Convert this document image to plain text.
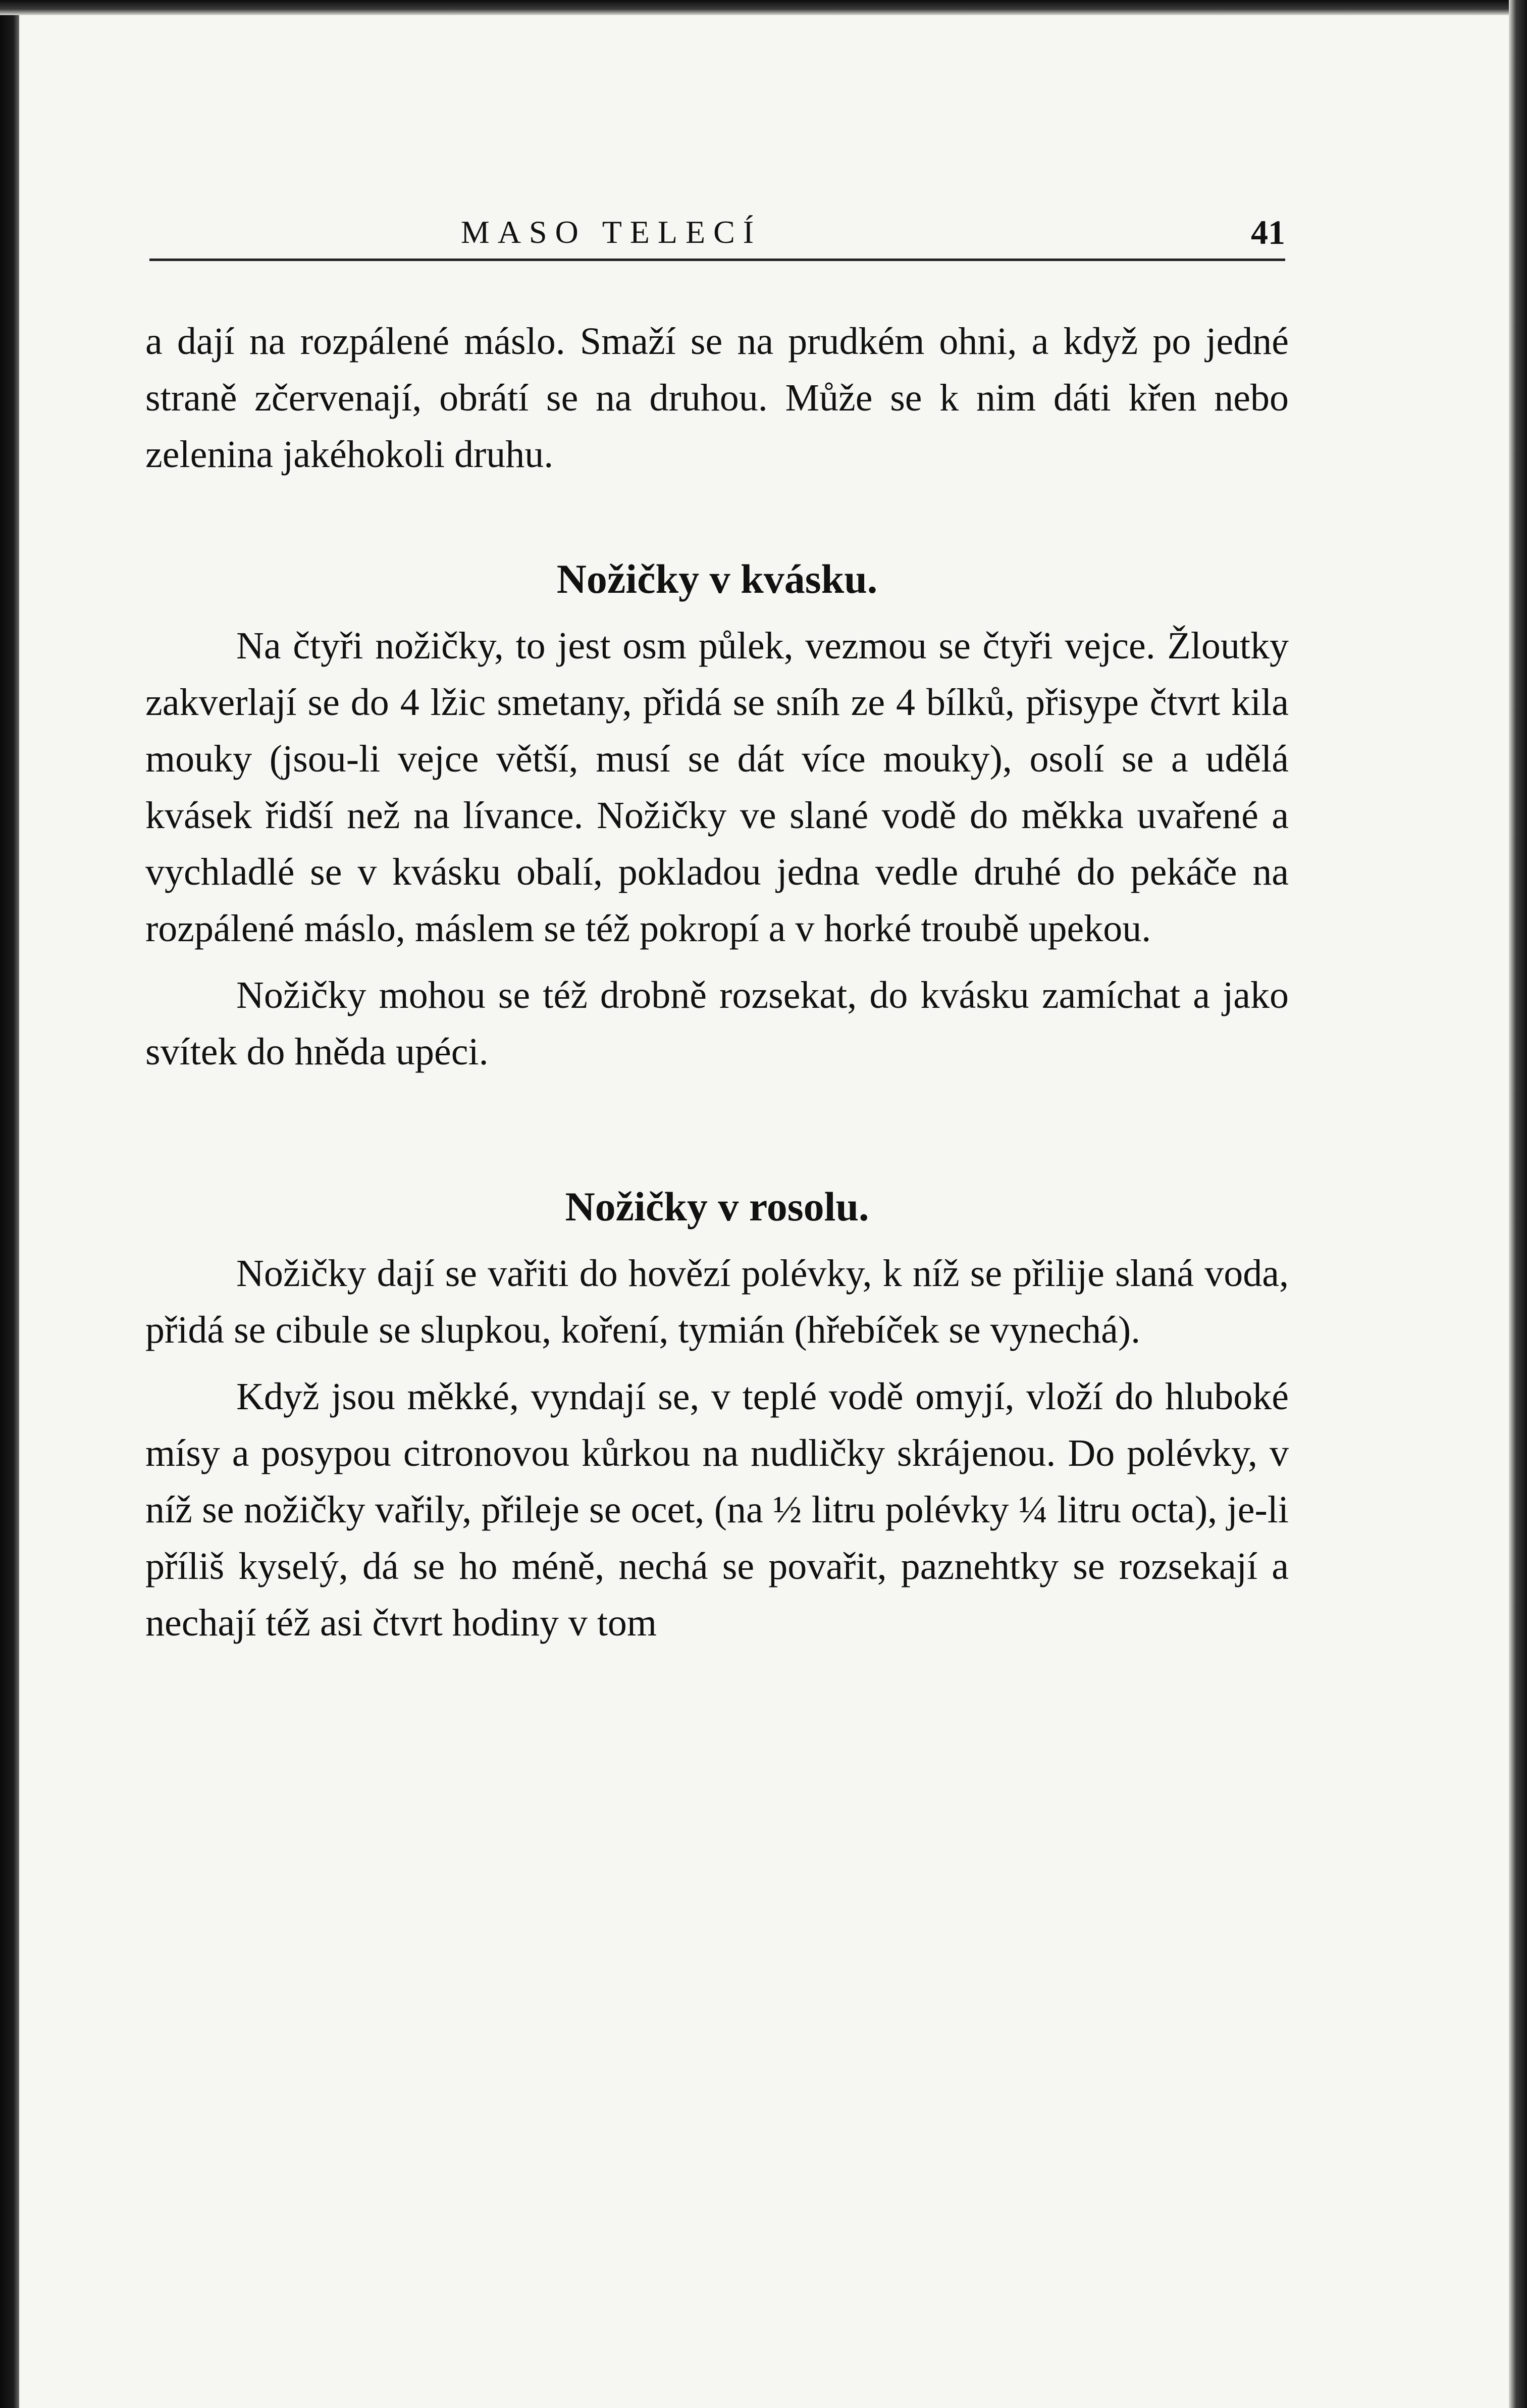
MASO TELECÍ	41

a dají na rozpálené máslo. Smaží se na prudkém ohni, a když po jedné straně zčervenají, obrátí se na druhou. Může se k nim dáti křen nebo zelenina jakéhokoli druhu.

Nožičky v kvásku.

Na čtyři nožičky, to jest osm půlek, vezmou se čtyři vejce. Žloutky zakverlají se do 4 lžic smetany, přidá se sníh ze 4 bílků, přisype čtvrt kila mouky (jsou-li vejce větší, musí se dát více mouky), osolí se a udělá kvásek řidší než na lívance. Nožičky ve slané vodě do měkka uvařené a vychladlé se v kvásku obalí, pokladou jedna vedle druhé do pekáče na rozpálené máslo, máslem se též pokropí a v horké troubě upekou.

Nožičky mohou se též drobně rozsekat, do kvásku zamíchat a jako svítek do hněda upéci.

Nožičky v rosolu.

Nožičky dají se vařiti do hovězí polévky, k níž se přilije slaná voda, přidá se cibule se slupkou, koření, tymián (hřebíček se vynechá).

Když jsou měkké, vyndají se, v teplé vodě omyjí, vloží do hluboké mísy a posypou citronovou kůrkou na nudličky skrájenou. Do polévky, v níž se nožičky vařily, přileje se ocet, (na ½ litru polévky ¼ litru octa), je-li příliš kyselý, dá se ho méně, nechá se povařit, paznehtky se rozsekají a nechají též asi čtvrt hodiny v tom
